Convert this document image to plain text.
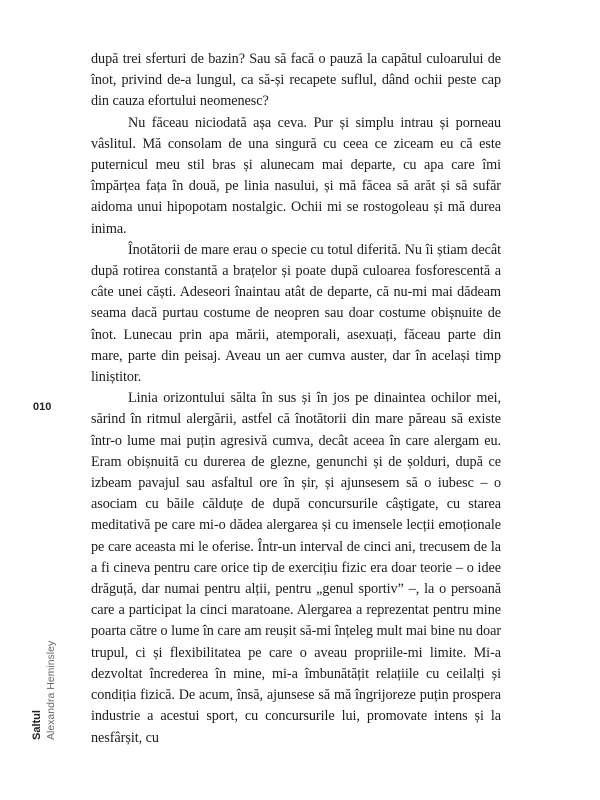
010
Saltul Alexandra Heminsley

după trei sferturi de bazin? Sau să facă o pauză la capătul culoarului de înot, privind de-a lungul, ca să-și recapete suflul, dând ochii peste cap din cauza efortului neomenesc?

Nu făceau niciodată așa ceva. Pur și simplu intrau și porneau vâslitul. Mă consolam de una singură cu ceea ce ziceam eu că este puternicul meu stil bras și alunecam mai departe, cu apa care îmi împărțea fața în două, pe linia nasului, și mă făcea să arăt și să sufăr aidoma unui hipopotam nostalgic. Ochii mi se rostogoleau și mă durea inima.

Înotătorii de mare erau o specie cu totul diferită. Nu îi știam decât după rotirea constantă a brațelor și poate după culoarea fosforescentă a câte unei căști. Adeseori înaintau atât de departe, că nu-mi mai dădeam seama dacă purtau costume de neopren sau doar costume obișnuite de înot. Lunecau prin apa mării, atemporali, asexuați, făceau parte din mare, parte din peisaj. Aveau un aer cumva auster, dar în același timp liniștitor.

Linia orizontului sălta în sus și în jos pe dinaintea ochilor mei, sărind în ritmul alergării, astfel că înotătorii din mare păreau să existe într-o lume mai puțin agresivă cumva, decât aceea în care alergam eu. Eram obișnuită cu durerea de glezne, genunchi și de șolduri, după ce izbeam pavajul sau asfaltul ore în șir, și ajunsesem să o iubesc – o asociam cu băile călduțe de după concursurile câștigate, cu starea meditativă pe care mi-o dădea alergarea și cu imensele lecții emoționale pe care aceasta mi le oferise. Într-un interval de cinci ani, trecusem de la a fi cineva pentru care orice tip de exercițiu fizic era doar teorie – o idee drăguță, dar numai pentru alții, pentru „genul sportiv” –, la o persoană care a participat la cinci maratoane. Alergarea a reprezentat pentru mine poarta către o lume în care am reușit să-mi înțeleg mult mai bine nu doar trupul, ci și flexibilitatea pe care o aveau propriile-mi limite. Mi-a dezvoltat încrederea în mine, mi-a îmbunătățit relațiile cu ceilalți și condiția fizică. De acum, însă, ajunsese să mă îngrijoreze puțin prospera industrie a acestui sport, cu concursurile lui, promovate intens și la nesfârșit, cu
